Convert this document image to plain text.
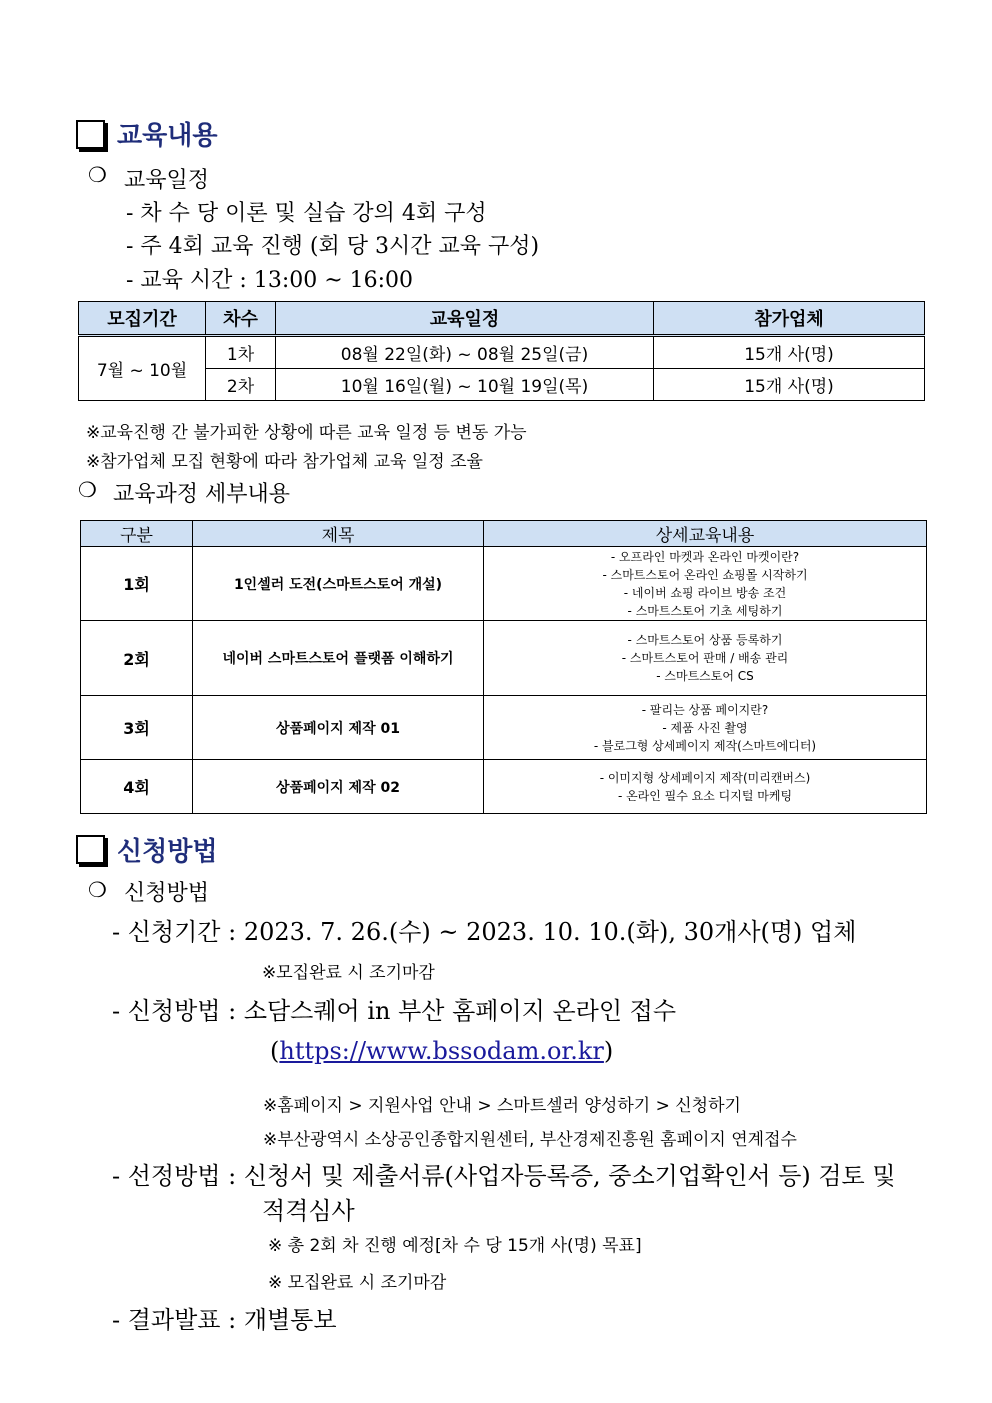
교육내용
❍ 교육일정
- 차 수 당 이론 및 실습 강의 4회 구성
- 주 4회 교육 진행 (회 당 3시간 교육 구성)
- 교육 시간 : 13:00 ~ 16:00
모집기간	차수	교육일정	참가업체
7월 ~ 10월	1차	08월 22일(화) ~ 08월 25일(금)	15개 사(명)
	2차	10월 16일(월) ~ 10월 19일(목)	15개 사(명)
※교육진행 간 불가피한 상황에 따른 교육 일정 등 변동 가능
※참가업체 모집 현황에 따라 참가업체 교육 일정 조율
❍ 교육과정 세부내용
구분	제목	상세교육내용
1회	1인셀러 도전(스마트스토어 개설)	- 오프라인 마켓과 온라인 마켓이란?
- 스마트스토어 온라인 쇼핑몰 시작하기
- 네이버 쇼핑 라이브 방송 조건
- 스마트스토어 기초 세팅하기

2회	네이버 스마트스토어 플랫폼 이해하기	- 스마트스토어 상품 등록하기
- 스마트스토어 판매 / 배송 관리
- 스마트스토어 CS

3회	상품페이지 제작 01	- 팔리는 상품 페이지란?
- 제품 사진 촬영
- 블로그형 상세페이지 제작(스마트에디터)

4회	상품페이지 제작 02	- 이미지형 상세페이지 제작(미리캔버스)
- 온라인 필수 요소 디지털 마케팅
신청방법
❍ 신청방법
- 신청기간 : 2023. 7. 26.(수) ~ 2023. 10. 10.(화), 30개사(명) 업체
※모집완료 시 조기마감
- 신청방법 : 소담스퀘어 in 부산 홈페이지 온라인 접수
(https://www.bssodam.or.kr)
※홈페이지 > 지원사업 안내 > 스마트셀러 양성하기 > 신청하기
※부산광역시 소상공인종합지원센터, 부산경제진흥원 홈페이지 연계접수
- 선정방법 : 신청서 및 제출서류(사업자등록증, 중소기업확인서 등) 검토 및
적격심사
※ 총 2회 차 진행 예정[차 수 당 15개 사(명) 목표]
※ 모집완료 시 조기마감
- 결과발표 : 개별통보
